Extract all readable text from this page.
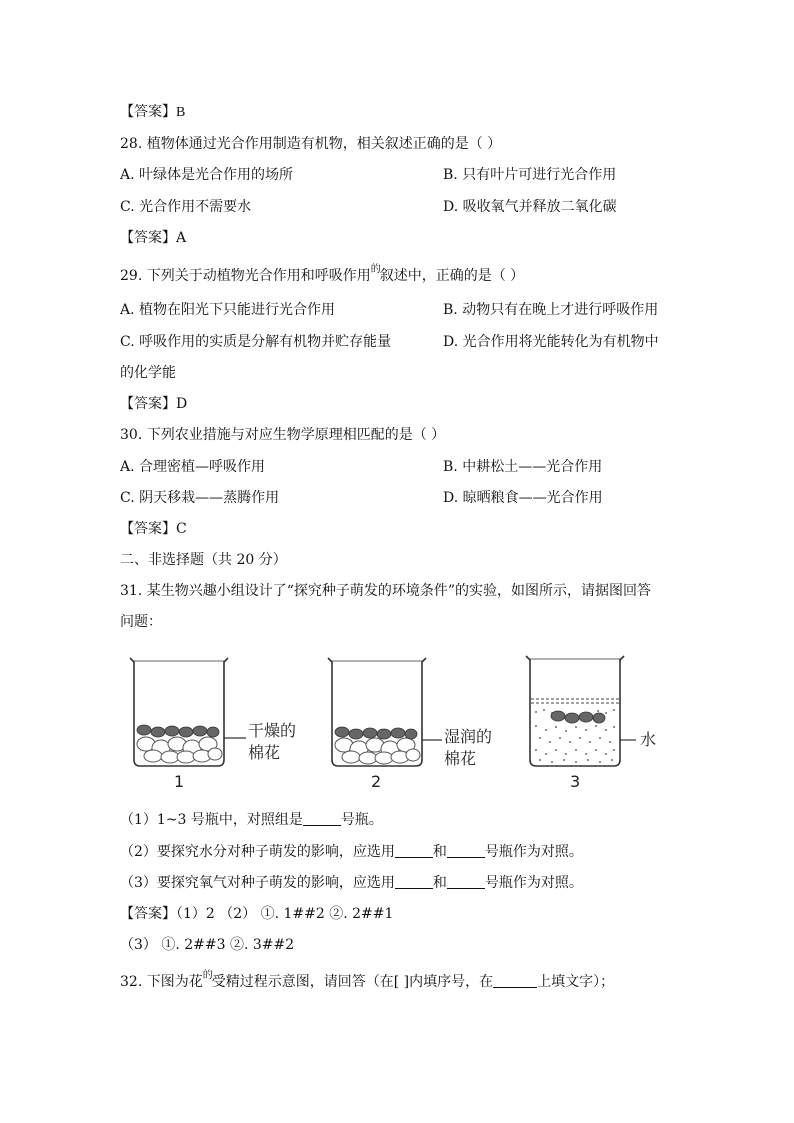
【答案】B
28. 植物体通过光合作用制造有机物，相关叙述正确的是（ ）
A. 叶绿体是光合作用的场所	B. 只有叶片可进行光合作用
C. 光合作用不需要水	D. 吸收氧气并释放二氧化碳
【答案】A
29. 下列关于动植物光合作用和呼吸作用$^的$叙述中，正确的是（ ）
A. 植物在阳光下只能进行光合作用	B. 动物只有在晚上才进行呼吸作用
C. 呼吸作用的实质是分解有机物并贮存能量	D. 光合作用将光能转化为有机物中
的化学能
【答案】D
30. 下列农业措施与对应生物学原理相匹配的是（ ）
A. 合理密植—呼吸作用	B. 中耕松土——光合作用
C. 阴天移栽——蒸腾作用	D. 晾晒粮食——光合作用
【答案】C
二、非选择题（共 20 分）
31. 某生物兴趣小组设计了“探究种子萌发的环境条件”的实验，如图所示，请据图回答
问题：
干燥的
棉花
湿润的
棉花
水
1	2	3
（1）1~3 号瓶中，对照组是	号瓶。
（2）要探究水分对种子萌发的影响，应选用	和	号瓶作为对照。
（3）要探究氧气对种子萌发的影响，应选用	和	号瓶作为对照。
【答案】（1）2 （2） ①. 1##2 ②. 2##1
（3） ①. 2##3 ②. 3##2
32. 下图为花$^的$受精过程示意图，请回答（在[ ]内填序号，在	上填文字）；
